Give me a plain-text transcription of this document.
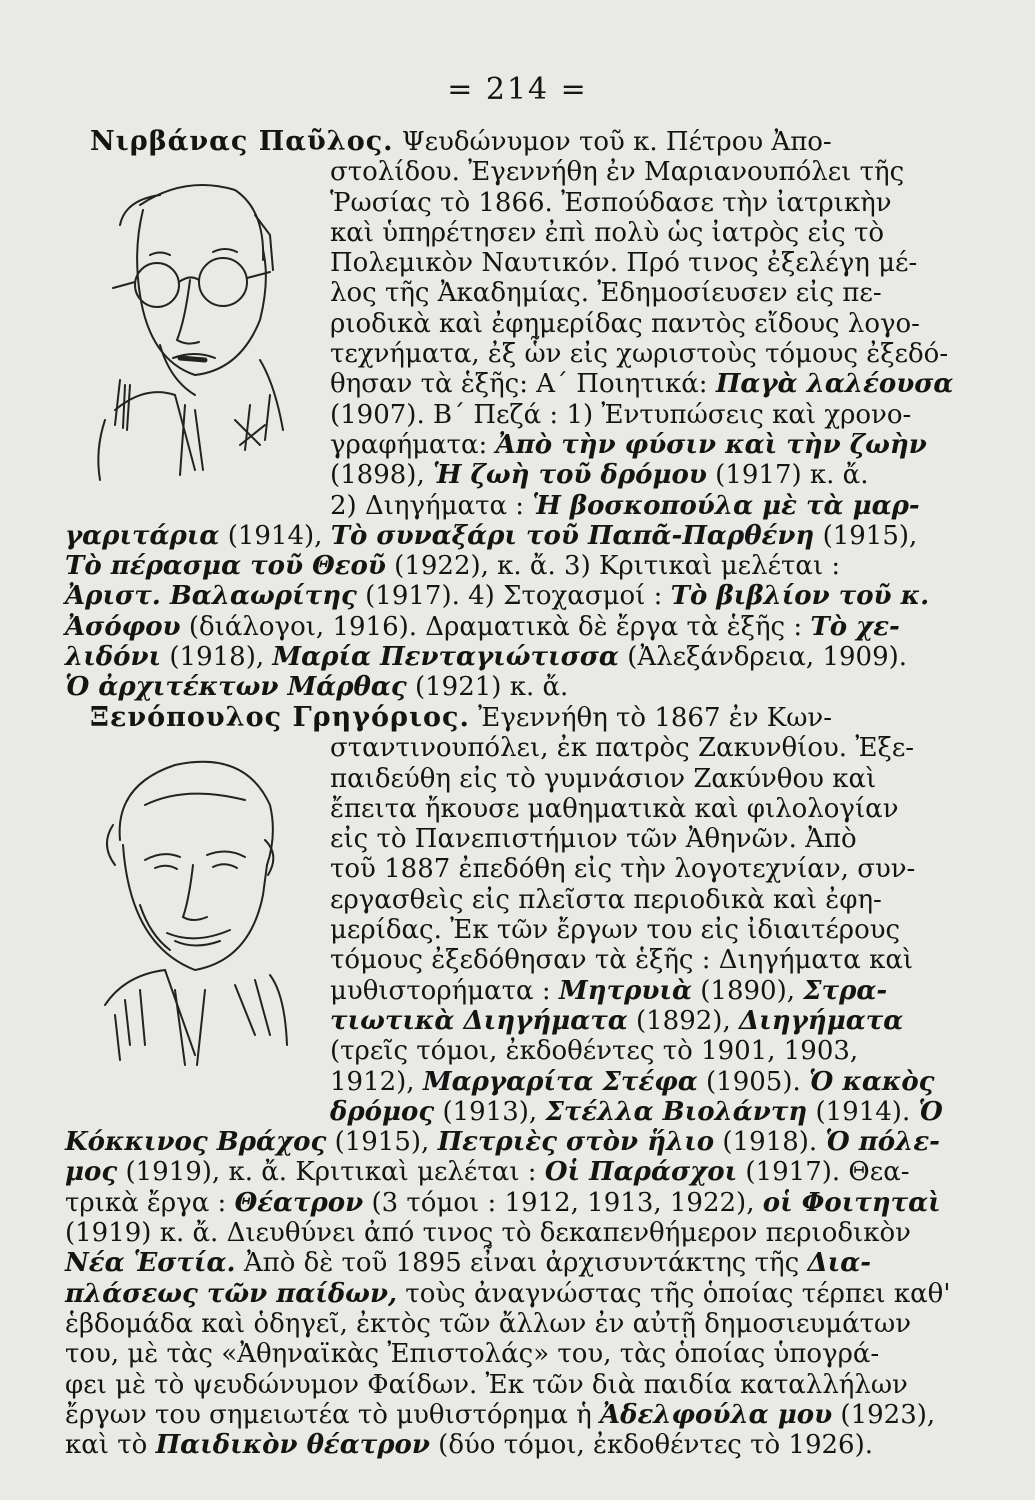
= 214 =
Νιρβάνας Παῦλος. Ψευδώνυμον τοῦ κ. Πέτρου Ἀπο-
στολίδου. Ἐγεννήθη ἐν Μαριανουπόλει τῆς
Ῥωσίας τὸ 1866. Ἐσπούδασε τὴν ἰατρικὴν
καὶ ὑπηρέτησεν ἐπὶ πολὺ ὡς ἰατρὸς εἰς τὸ
Πολεμικὸν Ναυτικόν. Πρό τινος ἐξελέγη μέ-
λος τῆς Ἀκαδημίας. Ἐδημοσίευσεν εἰς πε-
ριοδικὰ καὶ ἐφημερίδας παντὸς εἴδους λογο-
τεχνήματα, ἐξ ὧν εἰς χωριστοὺς τόμους ἐξεδό-
θησαν τὰ ἑξῆς: Α΄ Ποιητικά: Παγὰ λαλέουσα
(1907). Β΄ Πεζά : 1) Ἐντυπώσεις καὶ χρονο-
γραφήματα: Ἀπὸ τὴν φύσιν καὶ τὴν ζωὴν
(1898), Ἡ ζωὴ τοῦ δρόμου (1917) κ. ἄ.
2) Διηγήματα : Ἡ βοσκοπούλα μὲ τὰ μαρ-
γαριτάρια (1914), Τὸ συναξάρι τοῦ Παπᾶ-Παρθένη (1915),
Τὸ πέρασμα τοῦ Θεοῦ (1922), κ. ἄ. 3) Κριτικαὶ μελέται :
Ἀριστ. Βαλαωρίτης (1917). 4) Στοχασμοί : Τὸ βιβλίον τοῦ κ.
Ἀσόφου (διάλογοι, 1916). Δραματικὰ δὲ ἔργα τὰ ἑξῆς : Τὸ χε-
λιδόνι (1918), Μαρία Πενταγιώτισσα (Ἀλεξάνδρεια, 1909).
Ὁ ἀρχιτέκτων Μάρθας (1921) κ. ἄ.
Ξενόπουλος Γρηγόριος. Ἐγεννήθη τὸ 1867 ἐν Κων-
σταντινουπόλει, ἐκ πατρὸς Ζακυνθίου. Ἐξε-
παιδεύθη εἰς τὸ γυμνάσιον Ζακύνθου καὶ
ἔπειτα ἤκουσε μαθηματικὰ καὶ φιλολογίαν
εἰς τὸ Πανεπιστήμιον τῶν Ἀθηνῶν. Ἀπὸ
τοῦ 1887 ἐπεδόθη εἰς τὴν λογοτεχνίαν, συν-
εργασθεὶς εἰς πλεῖστα περιοδικὰ καὶ ἐφη-
μερίδας. Ἐκ τῶν ἔργων του εἰς ἰδιαιτέρους
τόμους ἐξεδόθησαν τὰ ἑξῆς : Διηγήματα καὶ
μυθιστορήματα : Μητρυιὰ (1890), Στρα-
τιωτικὰ Διηγήματα (1892), Διηγήματα
(τρεῖς τόμοι, ἐκδοθέντες τὸ 1901, 1903,
1912), Μαργαρίτα Στέφα (1905). Ὁ κακὸς
δρόμος (1913), Στέλλα Βιολάντη (1914). Ὁ
Κόκκινος Βράχος (1915), Πετριὲς στὸν ἥλιο (1918). Ὁ πόλε-
μος (1919), κ. ἄ. Κριτικαὶ μελέται : Οἱ Παράσχοι (1917). Θεα-
τρικὰ ἔργα : Θέατρον (3 τόμοι : 1912, 1913, 1922), οἱ Φοιτηταὶ
(1919) κ. ἄ. Διευθύνει ἀπό τινος τὸ δεκαπενθήμερον περιοδικὸν
Νέα Ἑστία. Ἀπὸ δὲ τοῦ 1895 εἶναι ἀρχισυντάκτης τῆς Δια-
πλάσεως τῶν παίδων, τοὺς ἀναγνώστας τῆς ὁποίας τέρπει καθ'
ἑβδομάδα καὶ ὁδηγεῖ, ἐκτὸς τῶν ἄλλων ἐν αὐτῇ δημοσιευμάτων
του, μὲ τὰς «Ἀθηναϊκὰς Ἐπιστολάς» του, τὰς ὁποίας ὑπογρά-
φει μὲ τὸ ψευδώνυμον Φαίδων. Ἐκ τῶν διὰ παιδία καταλλήλων
ἔργων του σημειωτέα τὸ μυθιστόρημα ἡ Ἀδελφούλα μου (1923),
καὶ τὸ Παιδικὸν θέατρον (δύο τόμοι, ἐκδοθέντες τὸ 1926).
